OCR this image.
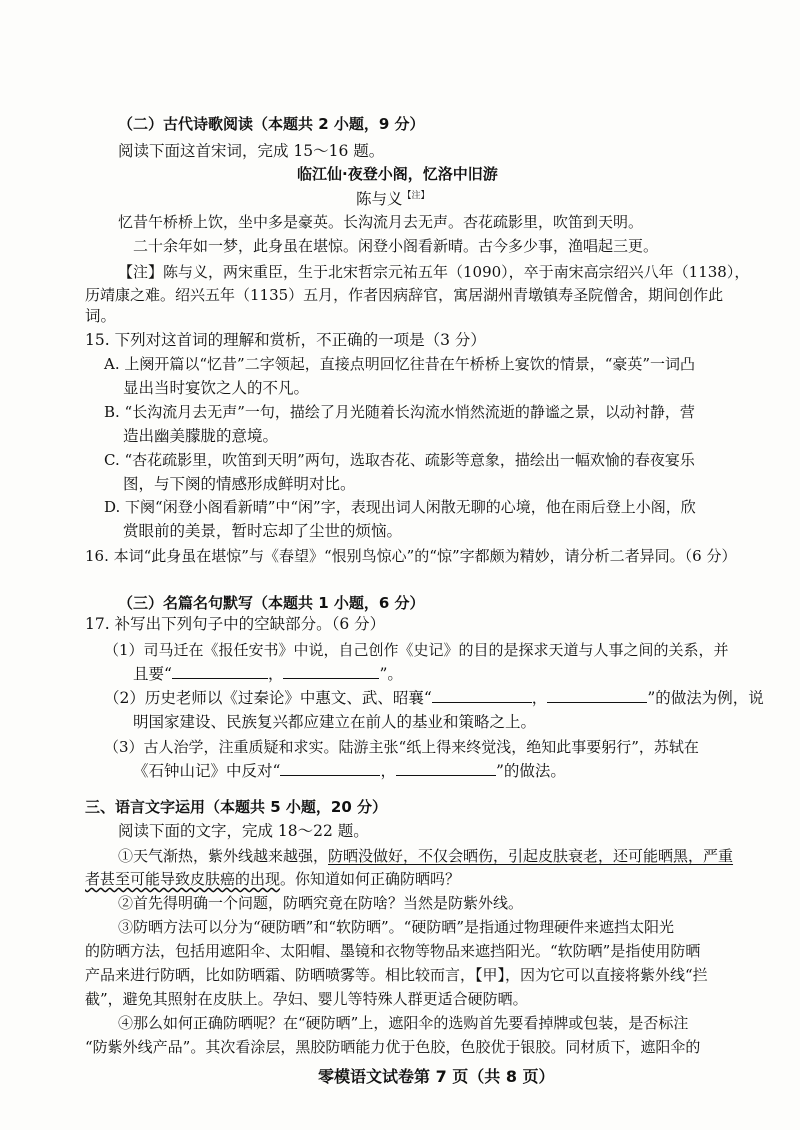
（二）古代诗歌阅读（本题共 2 小题，9 分）
阅读下面这首宋词，完成 15～16 题。
临江仙·夜登小阁，忆洛中旧游
陈与义$^{【注】}$
忆昔午桥桥上饮，坐中多是豪英。长沟流月去无声。杏花疏影里，吹笛到天明。
二十余年如一梦，此身虽在堪惊。闲登小阁看新晴。古今多少事，渔唱起三更。
【注】陈与义，两宋重臣，生于北宋哲宗元祐五年（1090），卒于南宋高宗绍兴八年（1138），
历靖康之难。绍兴五年（1135）五月，作者因病辞官，寓居湖州青墩镇寿圣院僧舍，期间创作此
词。
15. 下列对这首词的理解和赏析，不正确的一项是（3 分）
A. 上阕开篇以“忆昔”二字领起，直接点明回忆往昔在午桥桥上宴饮的情景，“豪英”一词凸
显出当时宴饮之人的不凡。
B. “长沟流月去无声”一句，描绘了月光随着长沟流水悄然流逝的静谧之景，以动衬静，营
造出幽美朦胧的意境。
C. “杏花疏影里，吹笛到天明”两句，选取杏花、疏影等意象，描绘出一幅欢愉的春夜宴乐
图，与下阕的情感形成鲜明对比。
D. 下阕“闲登小阁看新晴”中“闲”字，表现出词人闲散无聊的心境，他在雨后登上小阁，欣
赏眼前的美景，暂时忘却了尘世的烦恼。
16. 本词“此身虽在堪惊”与《春望》“恨别鸟惊心”的“惊”字都颇为精妙，请分析二者异同。（6 分）
（三）名篇名句默写（本题共 1 小题，6 分）
17. 补写出下列句子中的空缺部分。（6 分）
（1）司马迁在《报任安书》中说，自己创作《史记》的目的是探求天道与人事之间的关系，并
且要“	，	”。
（2）历史老师以《过秦论》中惠文、武、昭襄“	，	”的做法为例，说
明国家建设、民族复兴都应建立在前人的基业和策略之上。
（3）古人治学，注重质疑和求实。陆游主张“纸上得来终觉浅，绝知此事要躬行”，苏轼在
《石钟山记》中反对“	，	”的做法。
三、语言文字运用（本题共 5 小题，20 分）
阅读下面的文字，完成 18～22 题。
①天气渐热，紫外线越来越强，防晒没做好，不仅会晒伤，引起皮肤衰老，还可能晒黑，严重
者甚至可能导致皮肤癌的出现。你知道如何正确防晒吗？
②首先得明确一个问题，防晒究竟在防啥？当然是防紫外线。
③防晒方法可以分为“硬防晒”和“软防晒”。“硬防晒”是指通过物理硬件来遮挡太阳光
的防晒方法，包括用遮阳伞、太阳帽、墨镜和衣物等物品来遮挡阳光。“软防晒”是指使用防晒
产品来进行防晒，比如防晒霜、防晒喷雾等。相比较而言，【甲】，因为它可以直接将紫外线“拦
截”，避免其照射在皮肤上。孕妇、婴儿等特殊人群更适合硬防晒。
④那么如何正确防晒呢？在“硬防晒”上，遮阳伞的选购首先要看掉牌或包装，是否标注
“防紫外线产品”。其次看涂层，黑胶防晒能力优于色胶，色胶优于银胶。同材质下，遮阳伞的
零模语文试卷第 7 页（共 8 页）
